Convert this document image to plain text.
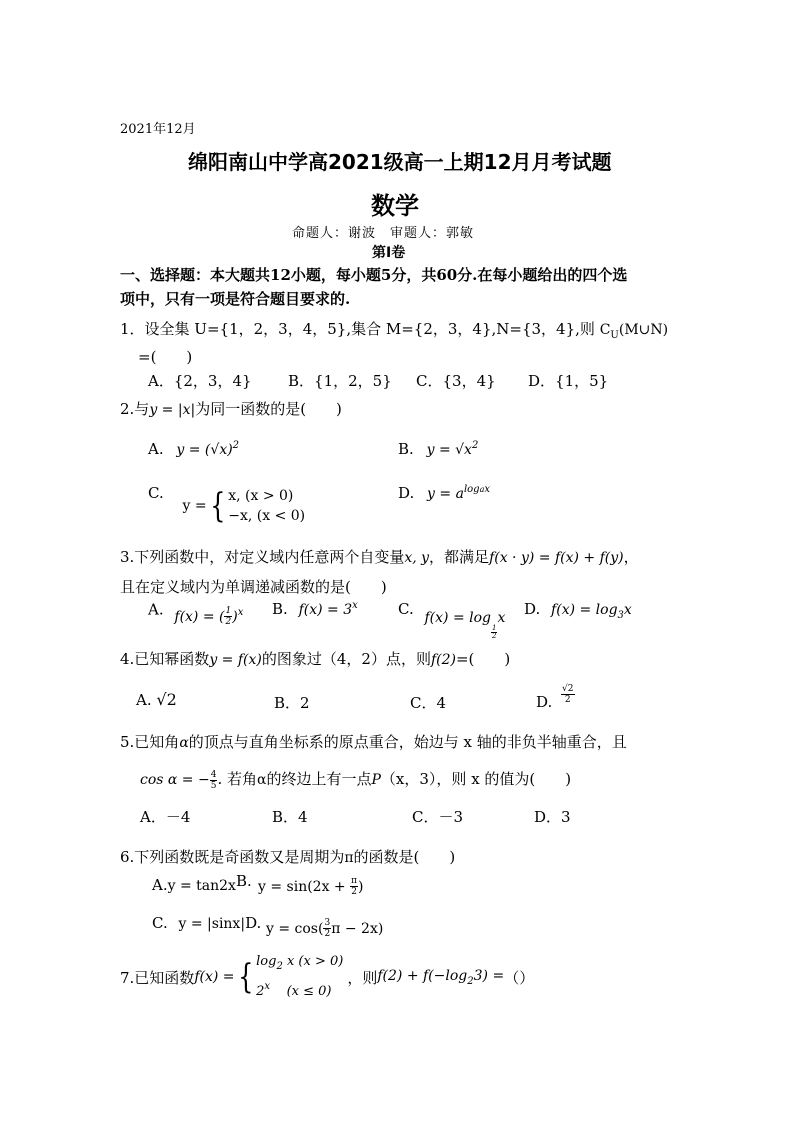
2021年12月
绵阳南山中学高2021级高一上期12月月考试题
数学
命题人：谢波　审题人：郭敏
第Ⅰ卷
一、选择题：本大题共12小题，每小题5分，共60分.在每小题给出的四个选
项中，只有一项是符合题目要求的.
1．设全集 U={1，2，3，4，5},集合 M={2，3，4},N={3，4},则 $C_U(M\cup N)$
=(　　)
A．{2，3，4} B．{1，2，5} C．{3，4} D．{1，5}
2.与y = |x|为同一函数的是(　　)
A. $y = (√x)^2$	B. $y = √x^2$
C.
y = { x, (x > 0)
−x, (x < 0)
D. $y = a^{logax}$
3.下列函数中，对定义域内任意两个自变量x, y，都满足f(x · y) = f(x) + f(y)，
且在定义域内为单调递减函数的是(　　)
A. f(x) = ( $\frac{1}{2} )^x$ B. $f(x) = 3^x$	C. f(x) = log
$\frac{1}{2}$
x D. $f(x) = \log_3x$
4.已知幂函数y = f(x)的图象过（4，2）点，则f(2)=(　　)
A. √2	B．2	C．4	D. $\frac{√2}{2}$
5.已知角α的顶点与直角坐标系的原点重合，始边与 x 轴的非负半轴重合，且
cos α = − $\frac{4}{5}$ . 若角α的终边上有一点P（x，3），则 x 的值为(　　)
A．－4	B．4	C．－3	D．3
6.下列函数既是奇函数又是周期为π的函数是(　　)
A.y = tan2xB. $y = \sin(2x + \frac{\pi}{2}$ )
C. y = |sinx|D. $y = \cos( \frac{3}{2}$ π − 2x)
7.已知函数 f(x) = { $\log_2 x$ (x > 0)
2$^x$ (x ≤ 0)
，则 $f(2) + f(-\log_23)$ = （）
